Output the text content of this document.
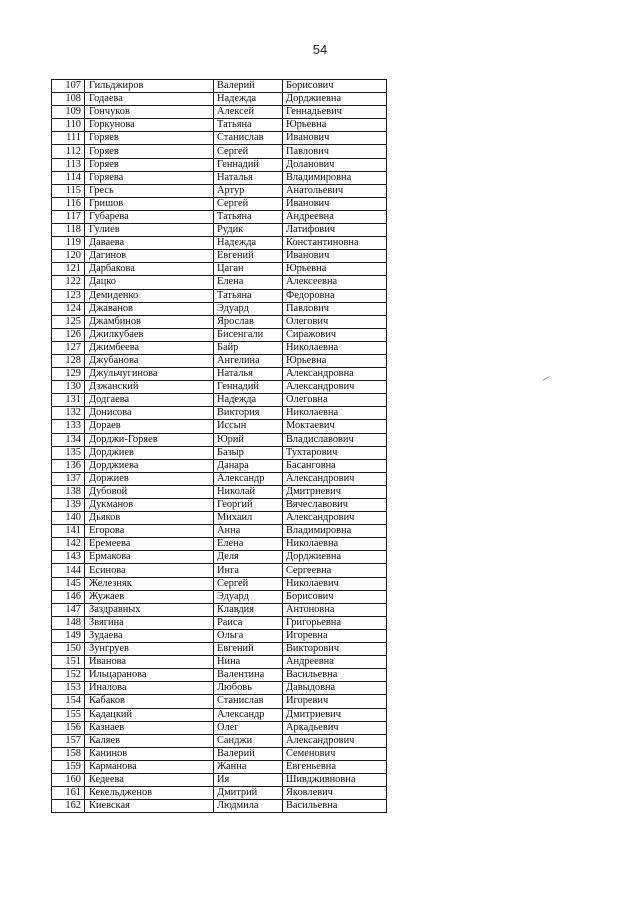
54
107	Гильджиров	Валерий	Борисович
108	Годаева	Надежда	Дорджиевна
109	Гончуков	Алексей	Геннадьевич
110	Горкунова	Татьяна	Юрьевна
111	Горяев	Станислав	Иванович
112	Горяев	Сергей	Павлович
113	Горяев	Геннадий	Доланович
114	Горяева	Наталья	Владимировна
115	Гресь	Артур	Анатольевич
116	Гришов	Сергей	Иванович
117	Губарева	Татьяна	Андреевна
118	Гулиев	Рудик	Латифович
119	Даваева	Надежда	Константиновна
120	Дагинов	Евгений	Иванович
121	Дарбакова	Цаган	Юрьевна
122	Дацко	Елена	Алексеевна
123	Демиденко	Татьяна	Федоровна
124	Джаванов	Эдуард	Павлович
125	Джамбинов	Ярослав	Олегович
126	Джилкубаев	Бисенгали	Сиражович
127	Джимбеева	Байр	Николаевна
128	Джубанова	Ангелина	Юрьевна
129	Джульчугинова	Наталья	Александровна
130	Дзжанский	Геннадий	Александрович
131	Додгаева	Надежда	Олеговна
132	Донисова	Виктория	Николаевна
133	Дораев	Иссын	Моктаевич
134	Дорджи-Горяев	Юрий	Владиславович
135	Дорджиев	Базыр	Тухтарович
136	Дорджиева	Данара	Басанговна
137	Доржиев	Александр	Александрович
138	Дубовой	Николай	Дмитриевич
139	Дукманов	Георгий	Вячеславович
140	Дьяков	Михаил	Александрович
141	Егорова	Анна	Владимировна
142	Еремеева	Елена	Николаевна
143	Ермакова	Деля	Дорджиевна
144	Есинова	Инга	Сергеевна
145	Железняк	Сергей	Николаевич
146	Жужаев	Эдуард	Борисович
147	Заздравных	Клавдия	Антоновна
148	Звягина	Раиса	Григорьевна
149	Зудаева	Ольга	Игоревна
150	Зунгруев	Евгений	Викторович
151	Иванова	Нина	Андреевна
152	Ильцаранова	Валентина	Васильевна
153	Иналова	Любовь	Давыдовна
154	Кабаков	Станислав	Игоревич
155	Кадацкий	Александр	Дмитриевич
156	Казнаев	Олег	Аркадьевич
157	Каляев	Санджи	Александрович
158	Канинов	Валерий	Семенович
159	Карманова	Жанна	Евгеньевна
160	Кедеева	Ия	Шивдживновна
161	Кекельдженов	Дмитрий	Яковлевич
162	Киевская	Людмила	Васильевна
